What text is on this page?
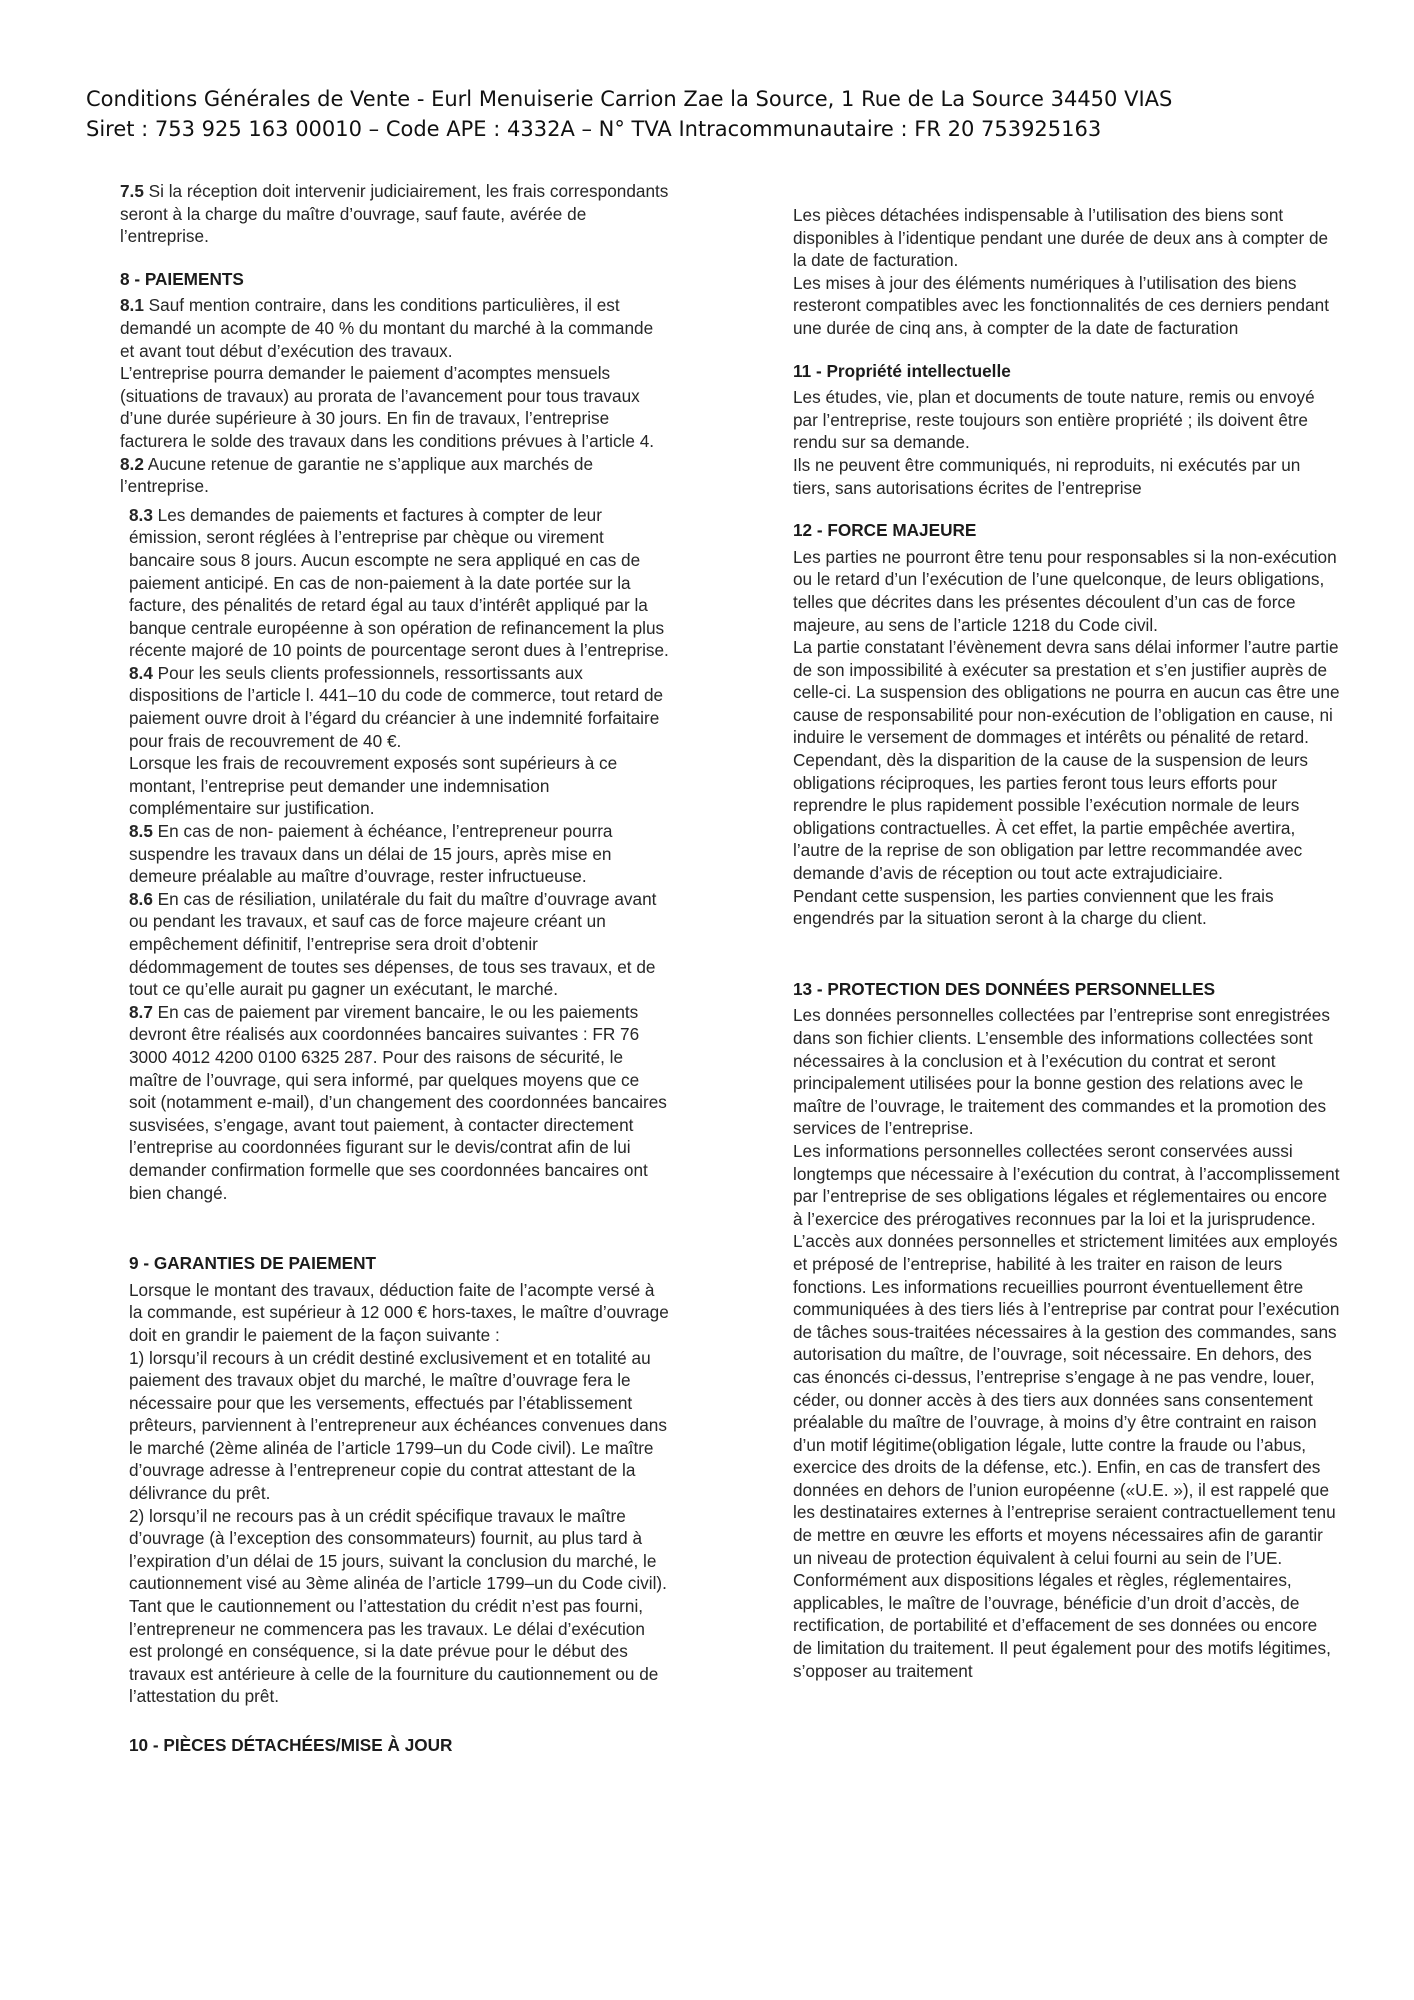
Conditions Générales de Vente - Eurl Menuiserie Carrion Zae la Source, 1 Rue de La Source 34450 VIAS
Siret : 753 925 163 00010 – Code APE : 4332A – N° TVA Intracommunautaire : FR 20 753925163

7.5 Si la réception doit intervenir judiciairement, les frais correspondants seront à la charge du maître d’ouvrage, sauf faute, avérée de l’entreprise.

8 - PAIEMENTS

8.1 Sauf mention contraire, dans les conditions particulières, il est demandé un acompte de 40 % du montant du marché à la commande et avant tout début d’exécution des travaux.

L’entreprise pourra demander le paiement d’acomptes mensuels (situations de travaux) au prorata de l’avancement pour tous travaux d’une durée supérieure à 30 jours. En fin de travaux, l’entreprise facturera le solde des travaux dans les conditions prévues à l’article 4.

8.2 Aucune retenue de garantie ne s’applique aux marchés de l’entreprise.

8.3 Les demandes de paiements et factures à compter de leur émission, seront réglées à l’entreprise par chèque ou virement bancaire sous 8 jours. Aucun escompte ne sera appliqué en cas de paiement anticipé. En cas de non-paiement à la date portée sur la facture, des pénalités de retard égal au taux d’intérêt appliqué par la banque centrale européenne à son opération de refinancement la plus récente majoré de 10 points de pourcentage seront dues à l’entreprise.

8.4 Pour les seuls clients professionnels, ressortissants aux dispositions de l’article l. 441–10 du code de commerce, tout retard de paiement ouvre droit à l’égard du créancier à une indemnité forfaitaire pour frais de recouvrement de 40 €.

Lorsque les frais de recouvrement exposés sont supérieurs à ce montant, l’entreprise peut demander une indemnisation complémentaire sur justification.

8.5 En cas de non- paiement à échéance, l’entrepreneur pourra suspendre les travaux dans un délai de 15 jours, après mise en demeure préalable au maître d’ouvrage, rester infructueuse.

8.6 En cas de résiliation, unilatérale du fait du maître d’ouvrage avant ou pendant les travaux, et sauf cas de force majeure créant un empêchement définitif, l’entreprise sera droit d’obtenir dédommagement de toutes ses dépenses, de tous ses travaux, et de tout ce qu’elle aurait pu gagner un exécutant, le marché.

8.7 En cas de paiement par virement bancaire, le ou les paiements devront être réalisés aux coordonnées bancaires suivantes : FR 76 3000 4012 4200 0100 6325 287. Pour des raisons de sécurité, le maître de l’ouvrage, qui sera informé, par quelques moyens que ce soit (notamment e-mail), d’un changement des coordonnées bancaires susvisées, s’engage, avant tout paiement, à contacter directement l’entreprise au coordonnées figurant sur le devis/contrat afin de lui demander confirmation formelle que ses coordonnées bancaires ont bien changé.

9 - GARANTIES DE PAIEMENT

Lorsque le montant des travaux, déduction faite de l’acompte versé à la commande, est supérieur à 12 000 € hors-taxes, le maître d’ouvrage doit en grandir le paiement de la façon suivante :

1) lorsqu’il recours à un crédit destiné exclusivement et en totalité au paiement des travaux objet du marché, le maître d’ouvrage fera le nécessaire pour que les versements, effectués par l’établissement prêteurs, parviennent à l’entrepreneur aux échéances convenues dans le marché (2ème alinéa de l’article 1799–un du Code civil). Le maître d’ouvrage adresse à l’entrepreneur copie du contrat attestant de la délivrance du prêt.

2) lorsqu’il ne recours pas à un crédit spécifique travaux le maître d’ouvrage (à l’exception des consommateurs) fournit, au plus tard à l’expiration d’un délai de 15 jours, suivant la conclusion du marché, le cautionnement visé au 3ème alinéa de l’article 1799–un du Code civil). Tant que le cautionnement ou l’attestation du crédit n’est pas fourni, l’entrepreneur ne commencera pas les travaux. Le délai d’exécution est prolongé en conséquence, si la date prévue pour le début des travaux est antérieure à celle de la fourniture du cautionnement ou de l’attestation du prêt.

10 - PIÈCES DÉTACHÉES/MISE À JOUR

Les pièces détachées indispensable à l’utilisation des biens sont disponibles à l’identique pendant une durée de deux ans à compter de la date de facturation.

Les mises à jour des éléments numériques à l’utilisation des biens resteront compatibles avec les fonctionnalités de ces derniers pendant une durée de cinq ans, à compter de la date de facturation

11 - Propriété intellectuelle

Les études, vie, plan et documents de toute nature, remis ou envoyé par l’entreprise, reste toujours son entière propriété ; ils doivent être rendu sur sa demande.

Ils ne peuvent être communiqués, ni reproduits, ni exécutés par un tiers, sans autorisations écrites de l’entreprise

12 - FORCE MAJEURE

Les parties ne pourront être tenu pour responsables si la non-exécution ou le retard d’un l’exécution de l’une quelconque, de leurs obligations, telles que décrites dans les présentes découlent d’un cas de force majeure, au sens de l’article 1218 du Code civil.

La partie constatant l’évènement devra sans délai informer l’autre partie de son impossibilité à exécuter sa prestation et s’en justifier auprès de celle-ci. La suspension des obligations ne pourra en aucun cas être une cause de responsabilité pour non-exécution de l’obligation en cause, ni induire le versement de dommages et intérêts ou pénalité de retard.

Cependant, dès la disparition de la cause de la suspension de leurs obligations réciproques, les parties feront tous leurs efforts pour reprendre le plus rapidement possible l’exécution normale de leurs obligations contractuelles. À cet effet, la partie empêchée avertira, l’autre de la reprise de son obligation par lettre recommandée avec demande d’avis de réception ou tout acte extrajudiciaire.

Pendant cette suspension, les parties conviennent que les frais engendrés par la situation seront à la charge du client.

13 - PROTECTION DES DONNÉES PERSONNELLES

Les données personnelles collectées par l’entreprise sont enregistrées dans son fichier clients. L’ensemble des informations collectées sont nécessaires à la conclusion et à l’exécution du contrat et seront principalement utilisées pour la bonne gestion des relations avec le maître de l’ouvrage, le traitement des commandes et la promotion des services de l’entreprise.

Les informations personnelles collectées seront conservées aussi longtemps que nécessaire à l’exécution du contrat, à l’accomplissement par l’entreprise de ses obligations légales et réglementaires ou encore à l’exercice des prérogatives reconnues par la loi et la jurisprudence.

L’accès aux données personnelles et strictement limitées aux employés et préposé de l’entreprise, habilité à les traiter en raison de leurs fonctions. Les informations recueillies pourront éventuellement être communiquées à des tiers liés à l’entreprise par contrat pour l’exécution de tâches sous-traitées nécessaires à la gestion des commandes, sans autorisation du maître, de l’ouvrage, soit nécessaire. En dehors, des cas énoncés ci-dessus, l’entreprise s’engage à ne pas vendre, louer, céder, ou donner accès à des tiers aux données sans consentement préalable du maître de l’ouvrage, à moins d’y être contraint en raison d’un motif légitime(obligation légale, lutte contre la fraude ou l’abus, exercice des droits de la défense, etc.). Enfin, en cas de transfert des données en dehors de l’union européenne («U.E. »), il est rappelé que les destinataires externes à l’entreprise seraient contractuellement tenu de mettre en œuvre les efforts et moyens nécessaires afin de garantir un niveau de protection équivalent à celui fourni au sein de l’UE.

Conformément aux dispositions légales et règles, réglementaires, applicables, le maître de l’ouvrage, bénéficie d’un droit d’accès, de rectification, de portabilité et d’effacement de ses données ou encore de limitation du traitement. Il peut également pour des motifs légitimes, s’opposer au traitement
